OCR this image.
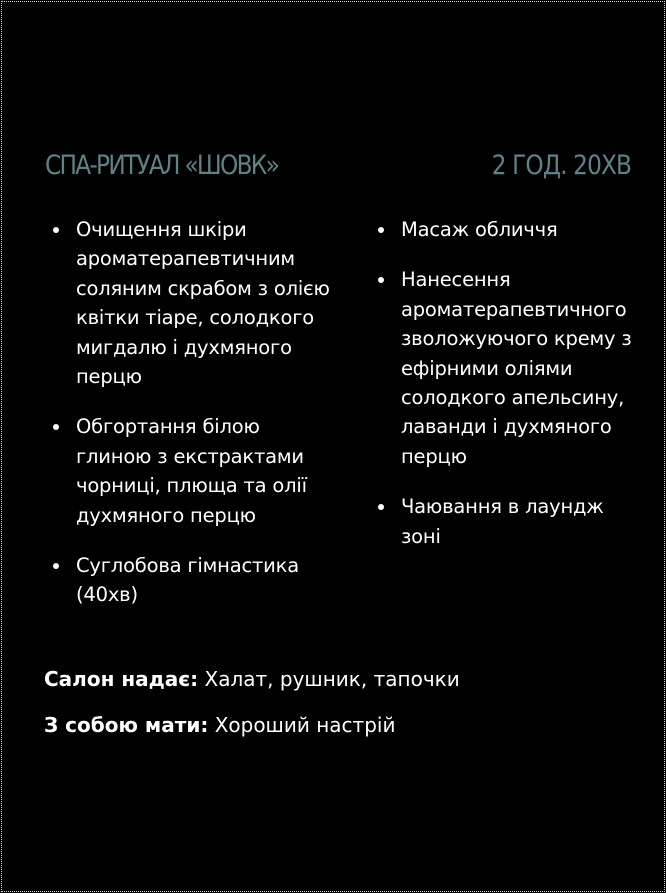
СПА-РИТУАЛ «ШОВК»	2 ГОД. 20ХВ
Очищення шкіри ароматерапевтичним соляним скрабом з олією квітки тіаре, солодкого мигдалю і духмяного перцю
Обгортання білою глиною з екстрактами чорниці, плюща та олії духмяного перцю
Суглобова гімнастика (40хв)
Масаж обличчя
Нанесення ароматерапевтичного зволожуючого крему з ефірними оліями солодкого апельсину, лаванди і духмяного перцю
Чаювання в лаундж зоні
Салон надає: Халат, рушник, тапочки
З собою мати: Хороший настрій
